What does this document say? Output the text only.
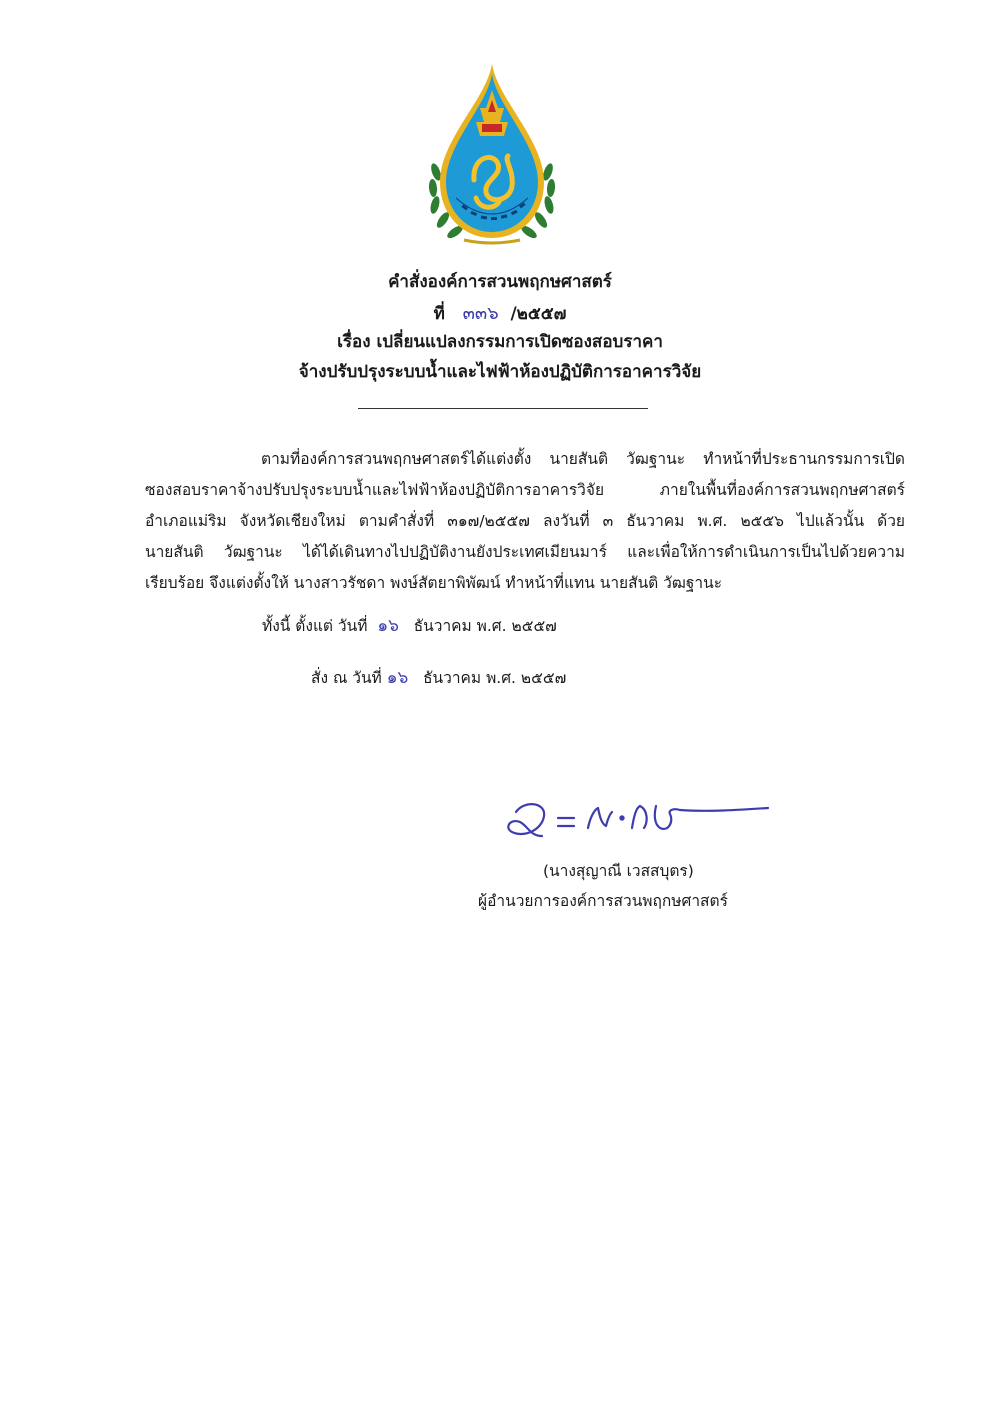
คำสั่งองค์การสวนพฤกษศาสตร์
ที่ ๓๓๖ /๒๕๕๗
เรื่อง เปลี่ยนแปลงกรรมการเปิดซองสอบราคา
จ้างปรับปรุงระบบน้ำและไฟฟ้าห้องปฏิบัติการอาคารวิจัย
ตามที่องค์การสวนพฤกษศาสตร์ได้แต่งตั้ง นายสันติ วัฒฐานะ ทำหน้าที่ประธานกรรมการเปิด
ซองสอบราคาจ้างปรับปรุงระบบน้ำและไฟฟ้าห้องปฏิบัติการอาคารวิจัย ภายในพื้นที่องค์การสวนพฤกษศาสตร์
อำเภอแม่ริม จังหวัดเชียงใหม่ ตามคำสั่งที่ ๓๑๗/๒๕๕๗ ลงวันที่ ๓ ธันวาคม พ.ศ. ๒๕๕๖ ไปแล้วนั้น ด้วย
นายสันติ วัฒฐานะ ได้ได้เดินทางไปปฏิบัติงานยังประเทศเมียนมาร์ และเพื่อให้การดำเนินการเป็นไปด้วยความ
เรียบร้อย จึงแต่งตั้งให้ นางสาวรัชดา พงษ์สัตยาพิพัฒน์ ทำหน้าที่แทน นายสันติ วัฒฐานะ
ทั้งนี้ ตั้งแต่ วันที่ ๑๖ ธันวาคม พ.ศ. ๒๕๕๗
สั่ง ณ วันที่ ๑๖ ธันวาคม พ.ศ. ๒๕๕๗
(นางสุญาณี เวสสบุตร)
ผู้อำนวยการองค์การสวนพฤกษศาสตร์
